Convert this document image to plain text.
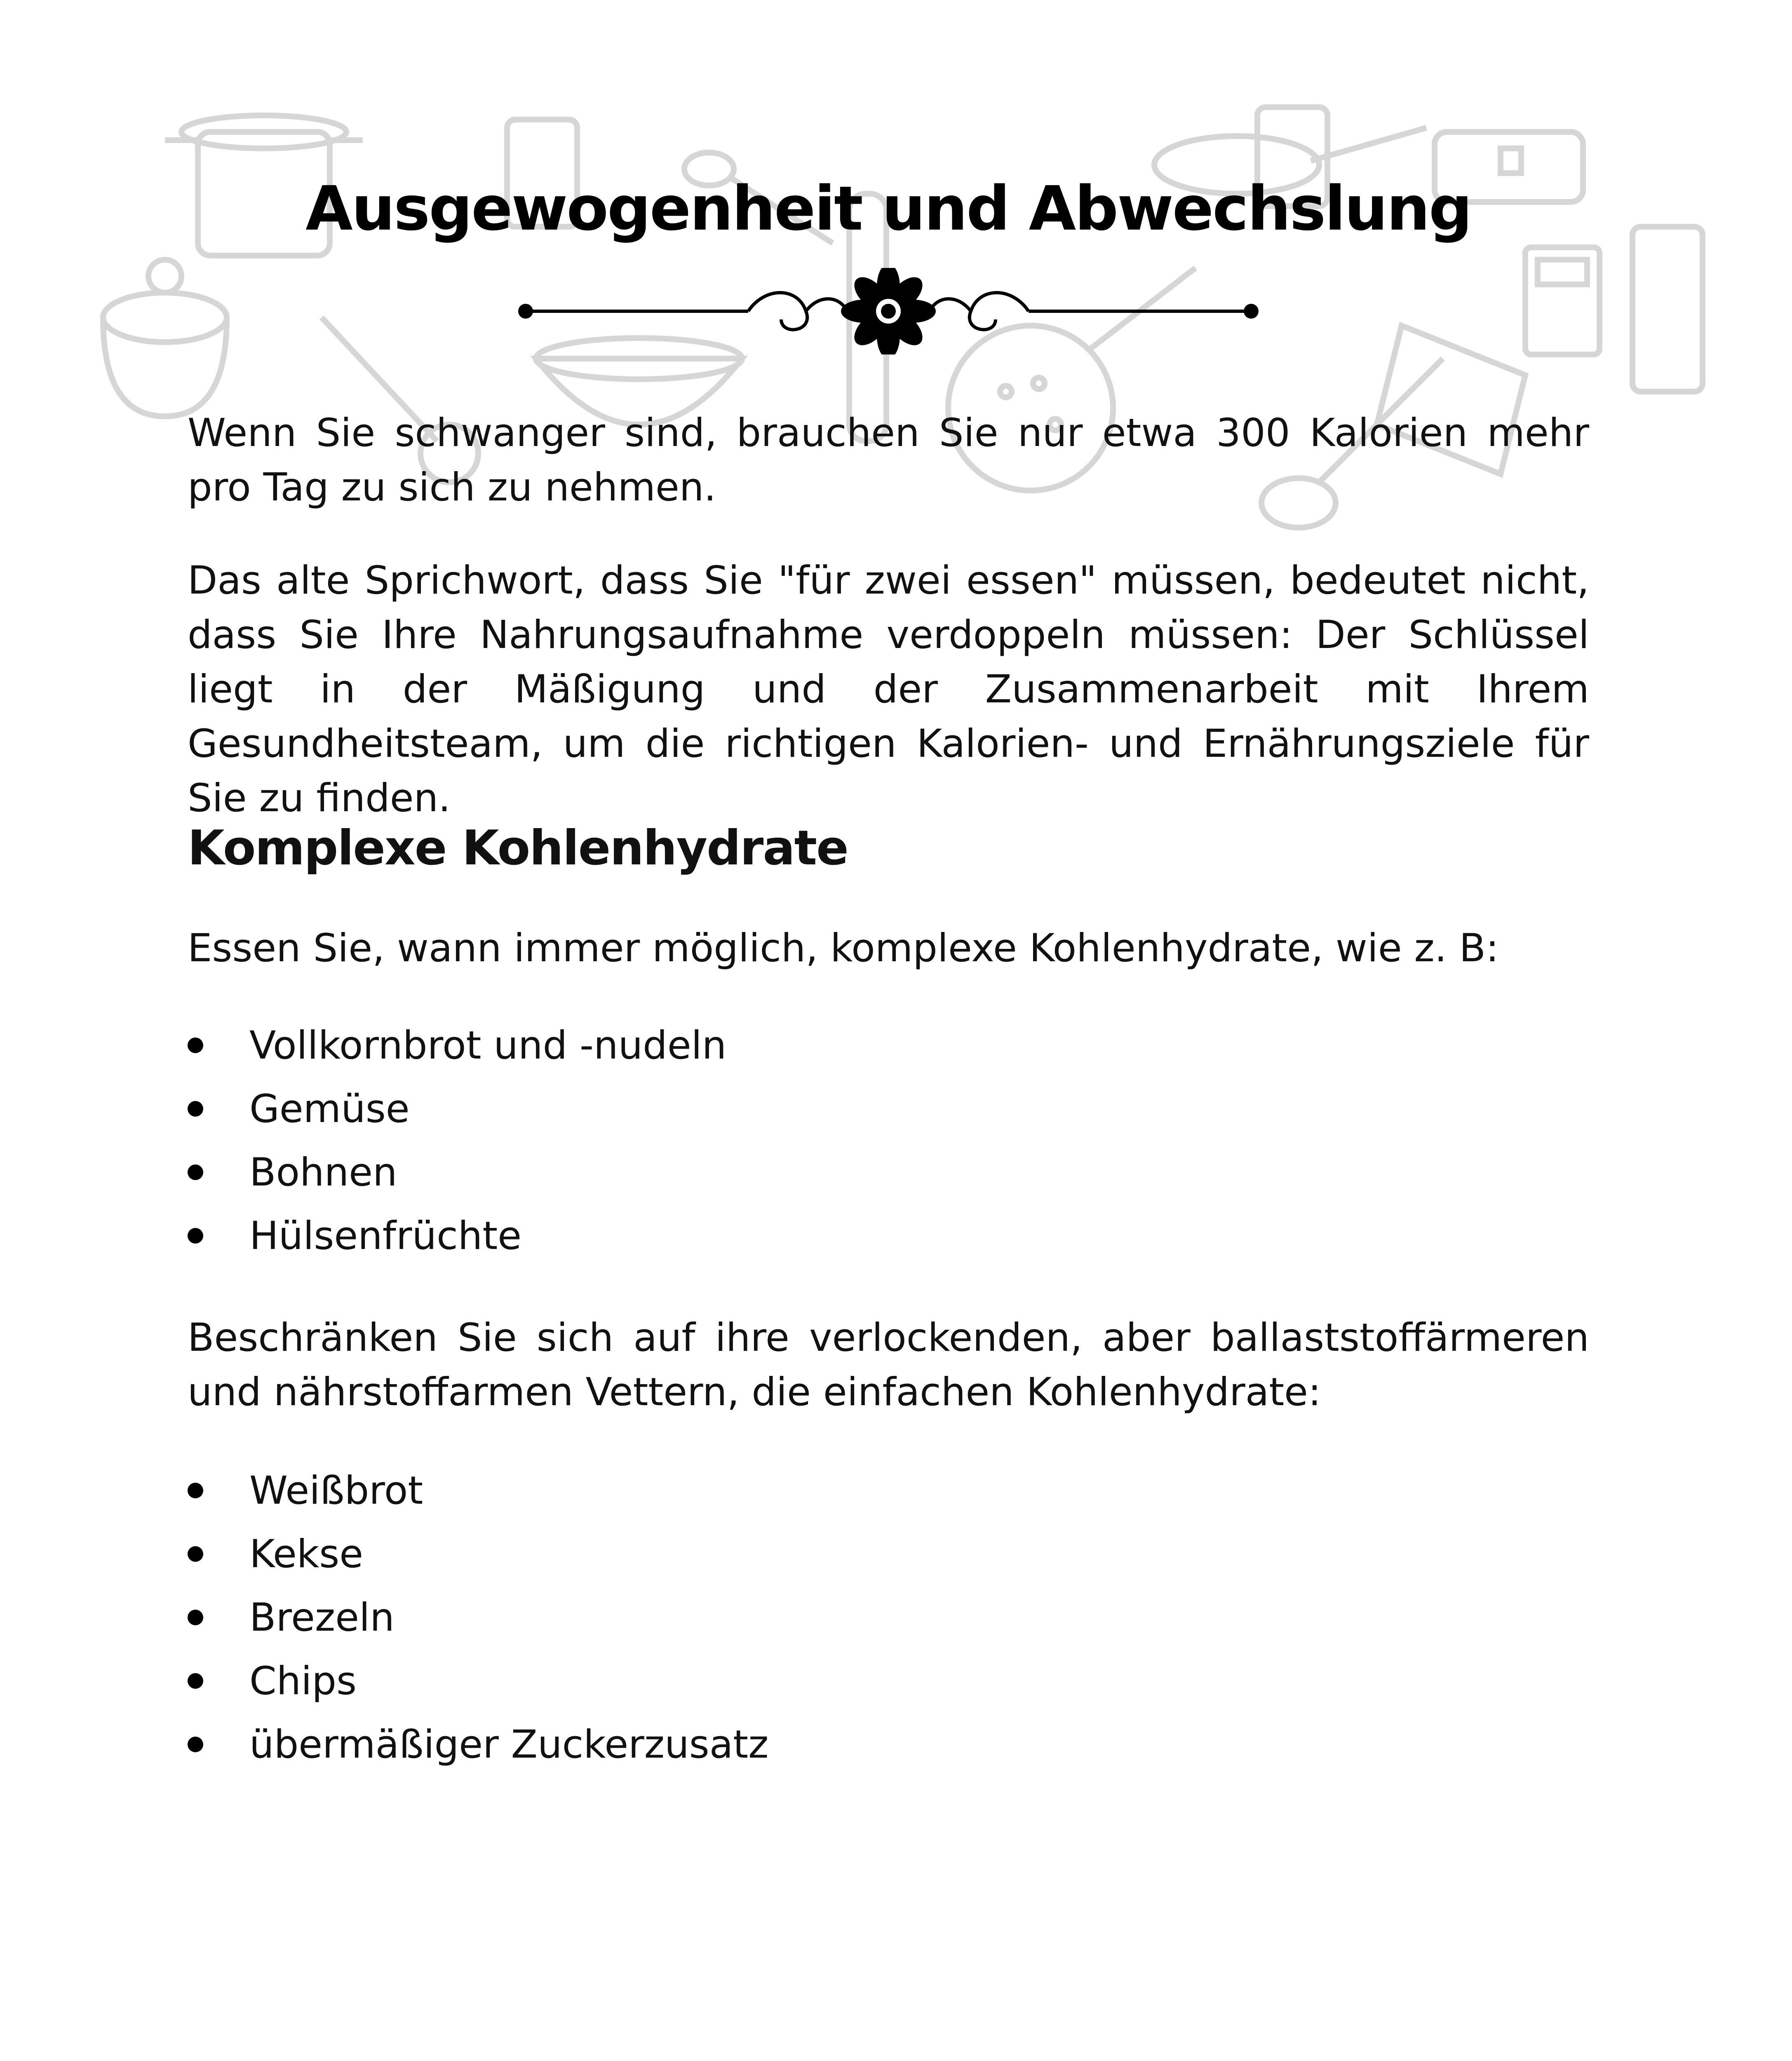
Ausgewogenheit und Abwechslung

Wenn Sie schwanger sind, brauchen Sie nur etwa 300 Kalorien mehr pro Tag zu sich zu nehmen.

Das alte Sprichwort, dass Sie "für zwei essen" müssen, bedeutet nicht, dass Sie Ihre Nahrungsaufnahme verdoppeln müssen: Der Schlüssel liegt in der Mäßigung und der Zusammenarbeit mit Ihrem Gesundheitsteam, um die richtigen Kalorien- und Ernährungsziele für Sie zu finden.

Komplexe Kohlenhydrate

Essen Sie, wann immer möglich, komplexe Kohlenhydrate, wie z. B:

Vollkornbrot und -nudeln
Gemüse
Bohnen
Hülsenfrüchte

Beschränken Sie sich auf ihre verlockenden, aber ballaststoffärmeren und nährstoffarmen Vettern, die einfachen Kohlenhydrate:

Weißbrot
Kekse
Brezeln
Chips
übermäßiger Zuckerzusatz
